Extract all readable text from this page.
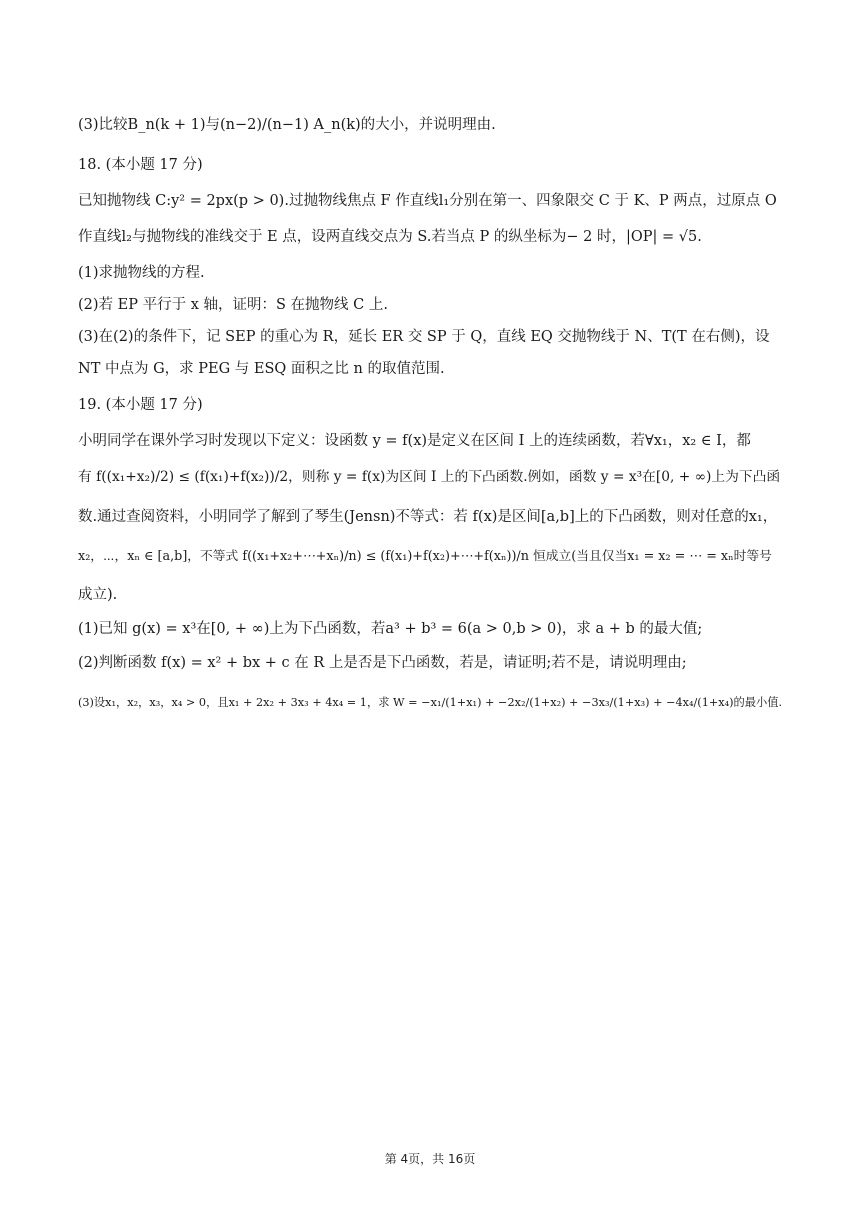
(3)比较B_n(k + 1)与(n−2)/(n−1) A_n(k)的大小，并说明理由.
18. (本小题 17 分)
已知抛物线 C:y² = 2px(p > 0).过抛物线焦点 F 作直线l₁分别在第一、四象限交 C 于 K、P 两点，过原点 O
作直线l₂与抛物线的准线交于 E 点，设两直线交点为 S.若当点 P 的纵坐标为− 2 时，|OP| = √5.
(1)求抛物线的方程.
(2)若 EP 平行于 x 轴，证明：S 在抛物线 C 上.
(3)在(2)的条件下，记 SEP 的重心为 R，延长 ER 交 SP 于 Q，直线 EQ 交抛物线于 N、T(T 在右侧)，设
NT 中点为 G，求 PEG 与 ESQ 面积之比 n 的取值范围.
19. (本小题 17 分)
小明同学在课外学习时发现以下定义：设函数 y = f(x)是定义在区间 I 上的连续函数，若∀x₁，x₂ ∈ I，都
有 f((x₁+x₂)/2) ≤ (f(x₁)+f(x₂))/2，则称 y = f(x)为区间 I 上的下凸函数.例如，函数 y = x³在[0, + ∞)上为下凸函
数.通过查阅资料，小明同学了解到了琴生(Jensn)不等式：若 f(x)是区间[a,b]上的下凸函数，则对任意的x₁，
x₂，⋯，xₙ ∈ [a,b]，不等式 f((x₁+x₂+⋯+xₙ)/n) ≤ (f(x₁)+f(x₂)+⋯+f(xₙ))/n 恒成立(当且仅当x₁ = x₂ = ⋯ = xₙ时等号
成立).
(1)已知 g(x) = x³在[0, + ∞)上为下凸函数，若a³ + b³ = 6(a > 0,b > 0)，求 a + b 的最大值;
(2)判断函数 f(x) = x² + bx + c 在 R 上是否是下凸函数，若是，请证明;若不是，请说明理由;
(3)设x₁，x₂，x₃，x₄ > 0，且x₁ + 2x₂ + 3x₃ + 4x₄ = 1，求 W = −x₁/(1+x₁) + −2x₂/(1+x₂) + −3x₃/(1+x₃) + −4x₄/(1+x₄)的最小值.
第 4页，共 16页
